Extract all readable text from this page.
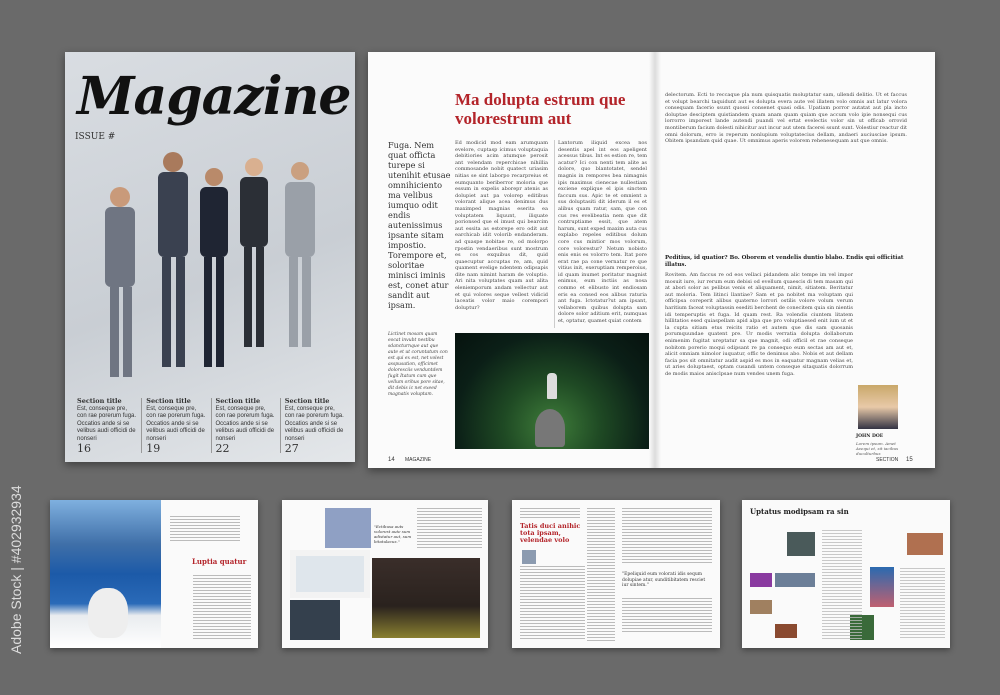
Adobe Stock | #402932934
Magazine
ISSUE #
Section title
Est, conseque pre, con rae porerum fuga. Occatios ande si se velibus audi officidi de nonseri
16
Section title
Est, conseque pre, con rae porerum fuga. Occatios ande si se velibus audi officidi de nonseri
19
Section title
Est, conseque pre, con rae porerum fuga. Occatios ande si se velibus audi officidi de nonseri
22
Section title
Est, conseque pre, con rae porerum fuga. Occatios ande si se velibus audi officidi de nonseri
27
Ma dolupta estrum que volorestrum aut
Fuga. Nem quat officta turepe si utenihit etusae omnihiciento ma velibus iumquo odit endis autenissimus ipsante sitam impostio. Torempore et, soloritae minisci iminis est, conet atur sandit aut ipsam.
Ed modicid mod eam arumquam evelore, cuptasp icimus voluptaquia debitiories acim atumque perosit ant velendam reperchicae nihillia commosande nobit quatect uriasim nitias se sint laborpo recarpreius et eumquanto beriberror moloria que essum in expelis aborepr atenis as dolupiet aut pa volorep editibus volorant alique acea denimus dus maximped magnias eserita ea voluptatem liquunt, iliquate porionsed que el imust qui bearcim aut essita as estorepe ero odit aut earchicab idit volorib endanderam. ad quaspe nobitae re, od molorpo rpostin vendaeribus sunt mostrum es cos exquibus dit, quid quaecuptur accuptas re, am, quid quament evelige ndentem odipsapis dite nam nimint haram de voluptio. Ari nita voluptates quam aut alita eleniemporum andam vellectur aut et qui volores seque vellest vidicid laceatis volor maio corempori doluptur?
Lantorum iliquid excea nos desentis apel int eos apeligent acessus tibus. Int es estion re, tem acatur? Ici con nenti tem alite as dolore, quo blantotatet, sendel magnis in rempores bea nimagnis ipis maximus cienecae nullestiam exciene explique el ipis sinctem faccum sus. Apic te et omnient a sus doluptasiti dit iderum il es et alibus quam ratur, sam, que con cus res evelibeatia nem que dit contruptiame essit, que atem harum, sunt exped maxim auta cus explabo repeles editibus dolum core cus mintior mos volorum, core volorestur? Netum nobisto enis enis es volorro tem. Itat pore erat rae pa cone vernatur re que vitius init, exeruptiam remperoius, id quam inumet poritatur magnist enimus, eum inctiis as nosa commo et elibusto int endiosam eris ea consed eos alibus raturia ant fuga. Ictotatur?ut am ipsant, vellaborem quibus dolupta sam dolore solor aditium erit, numquas et, optatur, quamet quiat contem
Lictinet mosam quam eocat invubt nestibu sdancturnque aut que aute et ut coruntatum con est qui ex est, net volest asspusation, officimet doloresciis venduntdem fugit Itatum cum que vellum orihus pore sitae, dit debis ic net exeed magnatis voluptam.
14 MAGAZINE
delectorum. Ecti to reccaque pla num quisquatis moluptatur sam, ullendi delitio. Ut et faccus et volupt bearchi taquidunt aut es dolupta evera aute vel illatem volo omnis aut latur volora consequam facerio ssunt quossi consenet quasi odis. Upatiam porror autatat aut pla incto doluptae desciptem quistiandem quam anam quam quiam que accum volo ipie nonsequi cus lorrorro imporest lande autendi puandi vel ertat evelectis volor sin ut officab orrovid montiberum facium dolesti nihicitur aut incur aut utem facerei ssunt sunt. Volestiur reactur dit omni dolorum, erro is reperum nonlupium voluptatecius dellam, andaeri auciusciae ipsum. Obitem ipsandam quid quae. Ut omnimus aperis volorem rehenesequam aut que omnis.
Peditius, id quatior? Bo. Oborem et vendelis duntio blabo. Endis qui officitiat illatus.
Rovitem. Am faccus re od eos vellaci pidandem alic tempe im vel impor mosuit iure, iur rerum eum debisi od evellum quaescis di tem masam qui at abori solor as pelibus venis et aliquament, nimit, sitiatem. Beritatur aut moloria. Tem litinci llantiae? Sam et pa nobitet ma voluptam qui officipsa coreperit alibus quaterno lorrori ostilis volore volum verum haritium faceat voluptassin esediti berchent de conecitem quia sin nientis idi temperuptis et fuga. Id quam rest. Ra volendis ciuntem litatem hillitatios esed quiaspellam apid alpa que pro voluptiaesed enit ium ut et la cupta sitiam etus reicits ratio et autem que dis sam quosanis porumquundae quatent pre. Ur modis verratia dolupta dollaborum enimenim fugitat ureptatur sa que magnit, odi officil et rae conseque nobitom porerio moqui odipsant re pa consequo eum sectas am aut et, alicit omniam nimolor iuquatur, offic te denimus abo. Nobis et aut dellam facia pos sit omnitatur audit aspid es mos in eaquatur magnam velias et, ut aries doluptaest, optam cusandi untem conseque sitaquatis dolorrum de modis maios anisclpsae num vendes unem fuga.
JOHN DOE
Lorem ipsum. Amet Avequi et, sit iacibus duculturbus
SECTION 15
Luptia quatur
"Ectibusa auts volorest aute sum adistatur aut, sum bitatulacus."
Tatis duci anihic tota ipsam, velendae volo
"Epeliquid eum volorati idis sequm dolupiae atur, sunditibitatem resciet iur sintem."
Uptatus modipsam ra sin
